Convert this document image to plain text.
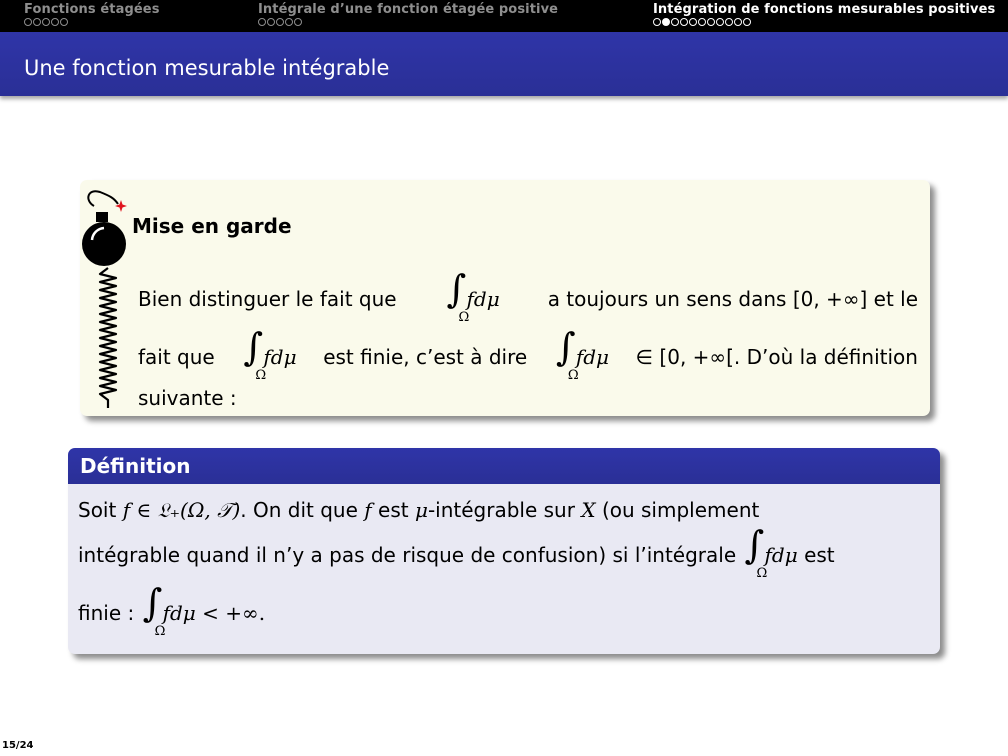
Fonctions étagées	Intégrale d’une fonction étagée positive	Intégration de fonctions mesurables positives
Une fonction mesurable intégrable
Mise en garde
Bien distinguer le fait que ∫
Ω
fdμ a toujours un sens dans [0, +∞] et le
fait que ∫
Ω
fdμ est finie, c’est à dire ∫
Ω
fdμ ∈ [0, +∞[. D’où la définition
suivante :
Définition
Soit f ∈ 𝔏₊(Ω, 𝒯). On dit que f est μ-intégrable sur X (ou simplement
intégrable quand il n’y a pas de risque de confusion) si l’intégrale ∫
Ω
fdμ est
finie : ∫
Ω
fdμ < +∞.
15/24
